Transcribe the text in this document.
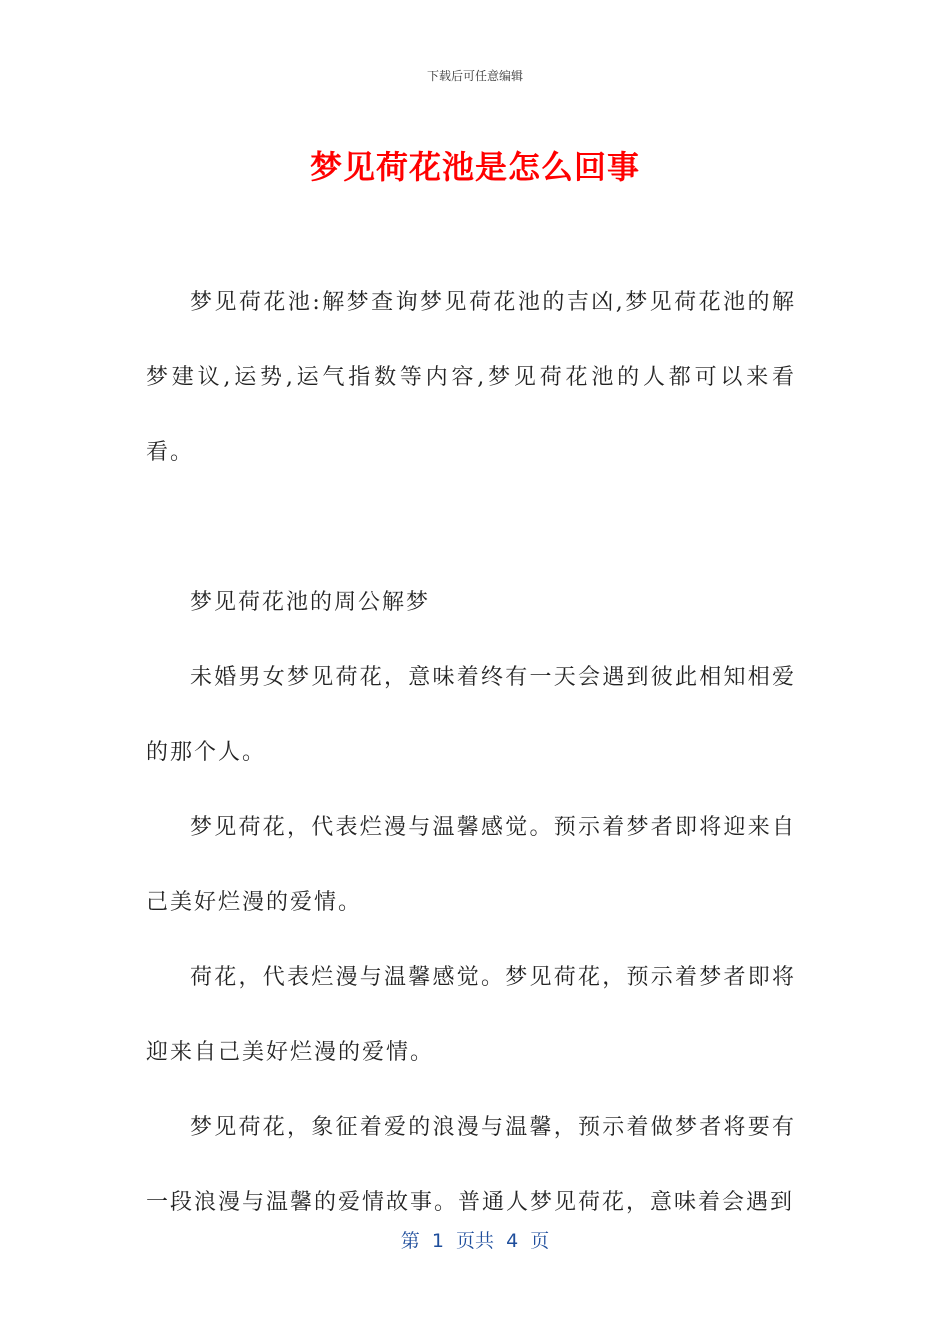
下载后可任意编辑
梦见荷花池是怎么回事

梦见荷花池:解梦查询梦见荷花池的吉凶,梦见荷花池的解梦建议,运势,运气指数等内容,梦见荷花池的人都可以来看看。

梦见荷花池的周公解梦

未婚男女梦见荷花，意味着终有一天会遇到彼此相知相爱的那个人。

梦见荷花，代表烂漫与温馨感觉。预示着梦者即将迎来自己美好烂漫的爱情。

荷花，代表烂漫与温馨感觉。梦见荷花，预示着梦者即将迎来自己美好烂漫的爱情。

梦见荷花，象征着爱的浪漫与温馨，预示着做梦者将要有一段浪漫与温馨的爱情故事。普通人梦见荷花，意味着会遇到

第  1  页共  4  页
